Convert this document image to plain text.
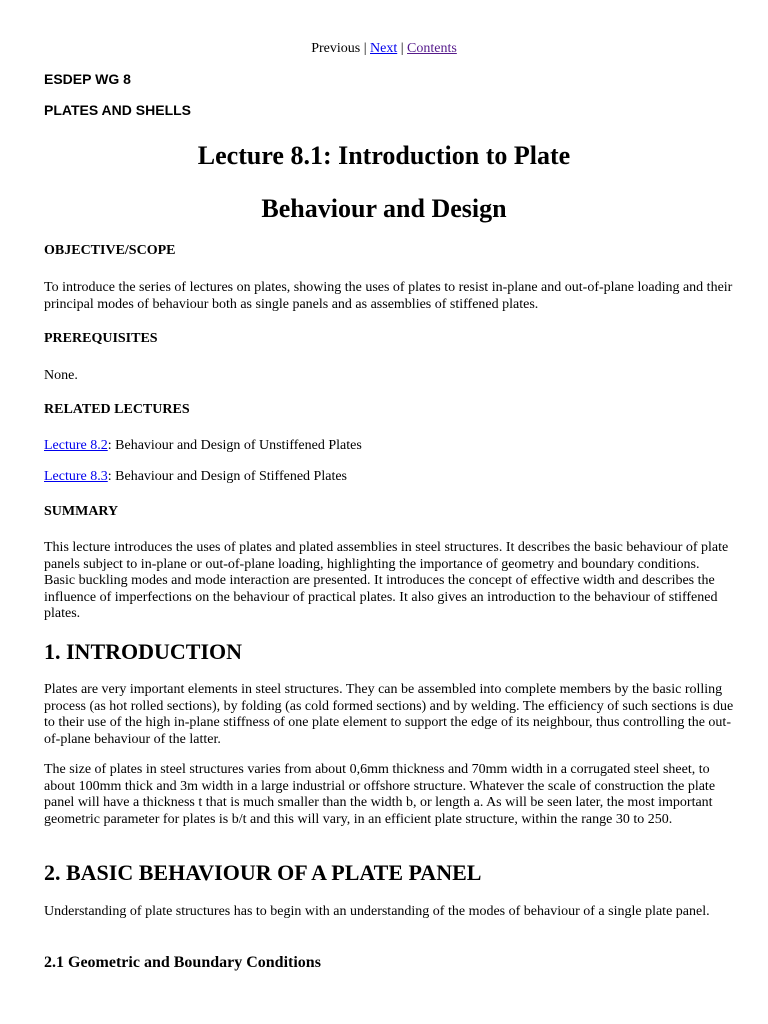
Previous | Next | Contents
ESDEP WG 8
PLATES AND SHELLS
Lecture 8.1: Introduction to Plate
Behaviour and Design
OBJECTIVE/SCOPE

To introduce the series of lectures on plates, showing the uses of plates to resist in-plane and out-of-plane loading and their principal modes of behaviour both as single panels and as assemblies of stiffened plates.

PREREQUISITES

None.

RELATED LECTURES

Lecture 8.2: Behaviour and Design of Unstiffened Plates

Lecture 8.3: Behaviour and Design of Stiffened Plates

SUMMARY

This lecture introduces the uses of plates and plated assemblies in steel structures. It describes the basic behaviour of plate panels subject to in-plane or out-of-plane loading, highlighting the importance of geometry and boundary conditions. Basic buckling modes and mode interaction are presented. It introduces the concept of effective width and describes the influence of imperfections on the behaviour of practical plates. It also gives an introduction to the behaviour of stiffened plates.

1. INTRODUCTION

Plates are very important elements in steel structures. They can be assembled into complete members by the basic rolling process (as hot rolled sections), by folding (as cold formed sections) and by welding. The efficiency of such sections is due to their use of the high in-plane stiffness of one plate element to support the edge of its neighbour, thus controlling the out-of-plane behaviour of the latter.

The size of plates in steel structures varies from about 0,6mm thickness and 70mm width in a corrugated steel sheet, to about 100mm thick and 3m width in a large industrial or offshore structure. Whatever the scale of construction the plate panel will have a thickness t that is much smaller than the width b, or length a. As will be seen later, the most important geometric parameter for plates is b/t and this will vary, in an efficient plate structure, within the range 30 to 250.

2. BASIC BEHAVIOUR OF A PLATE PANEL

Understanding of plate structures has to begin with an understanding of the modes of behaviour of a single plate panel.

2.1 Geometric and Boundary Conditions
